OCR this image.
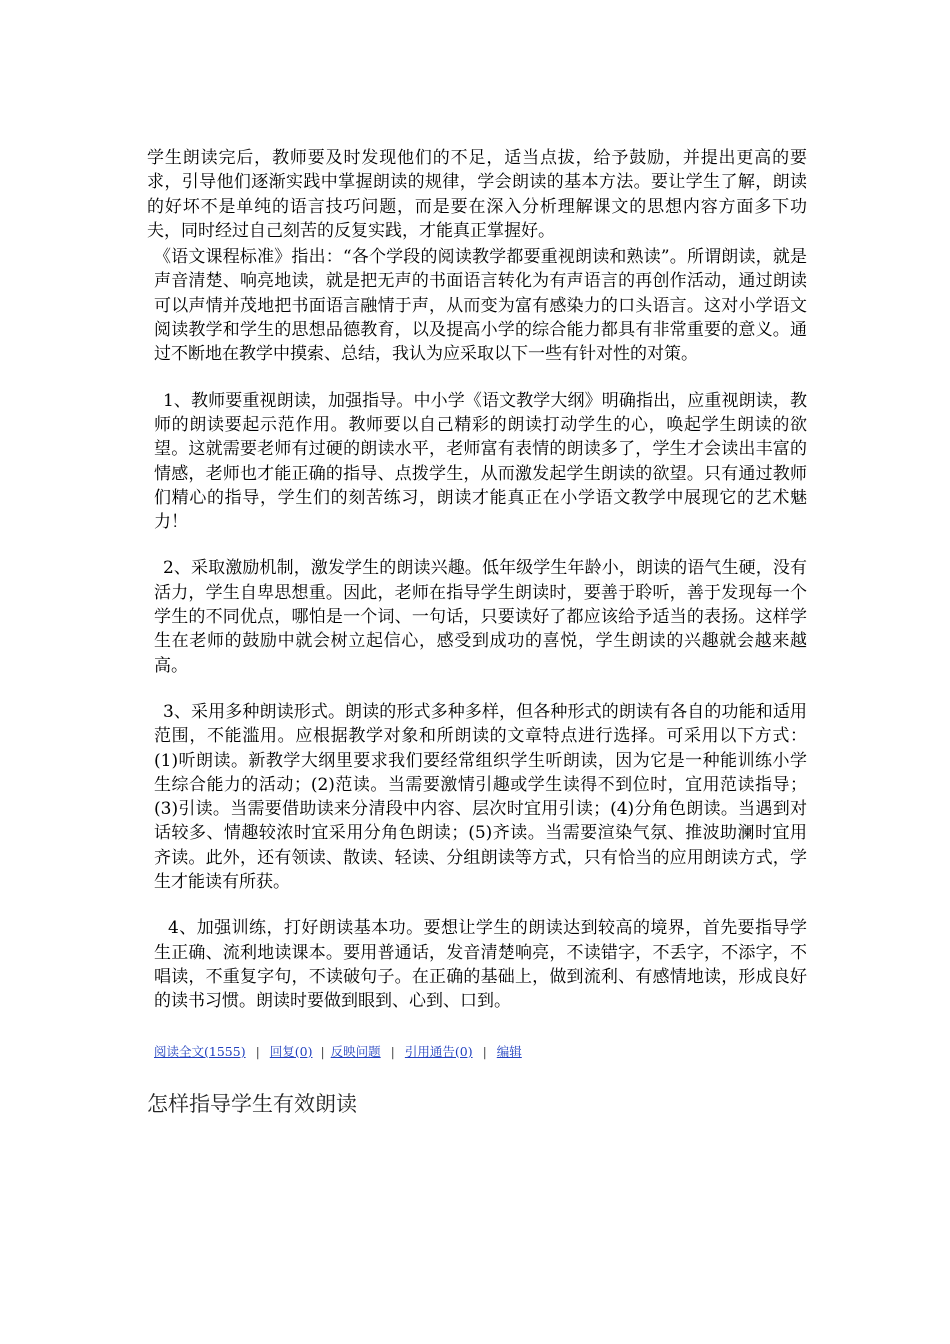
学生朗读完后，教师要及时发现他们的不足，适当点拔，给予鼓励，并提出更高的要求，引导他们逐渐实践中掌握朗读的规律，学会朗读的基本方法。要让学生了解，朗读的好坏不是单纯的语言技巧问题，而是要在深入分析理解课文的思想内容方面多下功夫，同时经过自己刻苦的反复实践，才能真正掌握好。

《语文课程标准》指出：“各个学段的阅读教学都要重视朗读和熟读”。所谓朗读，就是声音清楚、响亮地读，就是把无声的书面语言转化为有声语言的再创作活动，通过朗读可以声情并茂地把书面语言融情于声，从而变为富有感染力的口头语言。这对小学语文阅读教学和学生的思想品德教育，以及提高小学的综合能力都具有非常重要的意义。通过不断地在教学中摸索、总结，我认为应采取以下一些有针对性的对策。

1、教师要重视朗读，加强指导。中小学《语文教学大纲》明确指出，应重视朗读，教师的朗读要起示范作用。教师要以自己精彩的朗读打动学生的心，唤起学生朗读的欲望。这就需要老师有过硬的朗读水平，老师富有表情的朗读多了，学生才会读出丰富的情感，老师也才能正确的指导、点拨学生，从而激发起学生朗读的欲望。只有通过教师们精心的指导，学生们的刻苦练习，朗读才能真正在小学语文教学中展现它的艺术魅力！

2、采取激励机制，激发学生的朗读兴趣。低年级学生年龄小，朗读的语气生硬，没有活力，学生自卑思想重。因此，老师在指导学生朗读时，要善于聆听，善于发现每一个学生的不同优点，哪怕是一个词、一句话，只要读好了都应该给予适当的表扬。这样学生在老师的鼓励中就会树立起信心，感受到成功的喜悦，学生朗读的兴趣就会越来越高。

3、采用多种朗读形式。朗读的形式多种多样，但各种形式的朗读有各自的功能和适用范围，不能滥用。应根据教学对象和所朗读的文章特点进行选择。可采用以下方式：(1)听朗读。新教学大纲里要求我们要经常组织学生听朗读，因为它是一种能训练小学生综合能力的活动；(2)范读。当需要激情引趣或学生读得不到位时，宜用范读指导；(3)引读。当需要借助读来分清段中内容、层次时宜用引读；(4)分角色朗读。当遇到对话较多、情趣较浓时宜采用分角色朗读；(5)齐读。当需要渲染气氛、推波助澜时宜用齐读。此外，还有领读、散读、轻读、分组朗读等方式，只有恰当的应用朗读方式，学生才能读有所获。

4、加强训练，打好朗读基本功。要想让学生的朗读达到较高的境界，首先要指导学生正确、流利地读课本。要用普通话，发音清楚响亮，不读错字，不丢字，不添字，不唱读，不重复字句，不读破句子。在正确的基础上，做到流利、有感情地读，形成良好的读书习惯。朗读时要做到眼到、心到、口到。

阅读全文(1555) | 回复(0) | 反映问题 | 引用通告(0) | 编辑
怎样指导学生有效朗读
